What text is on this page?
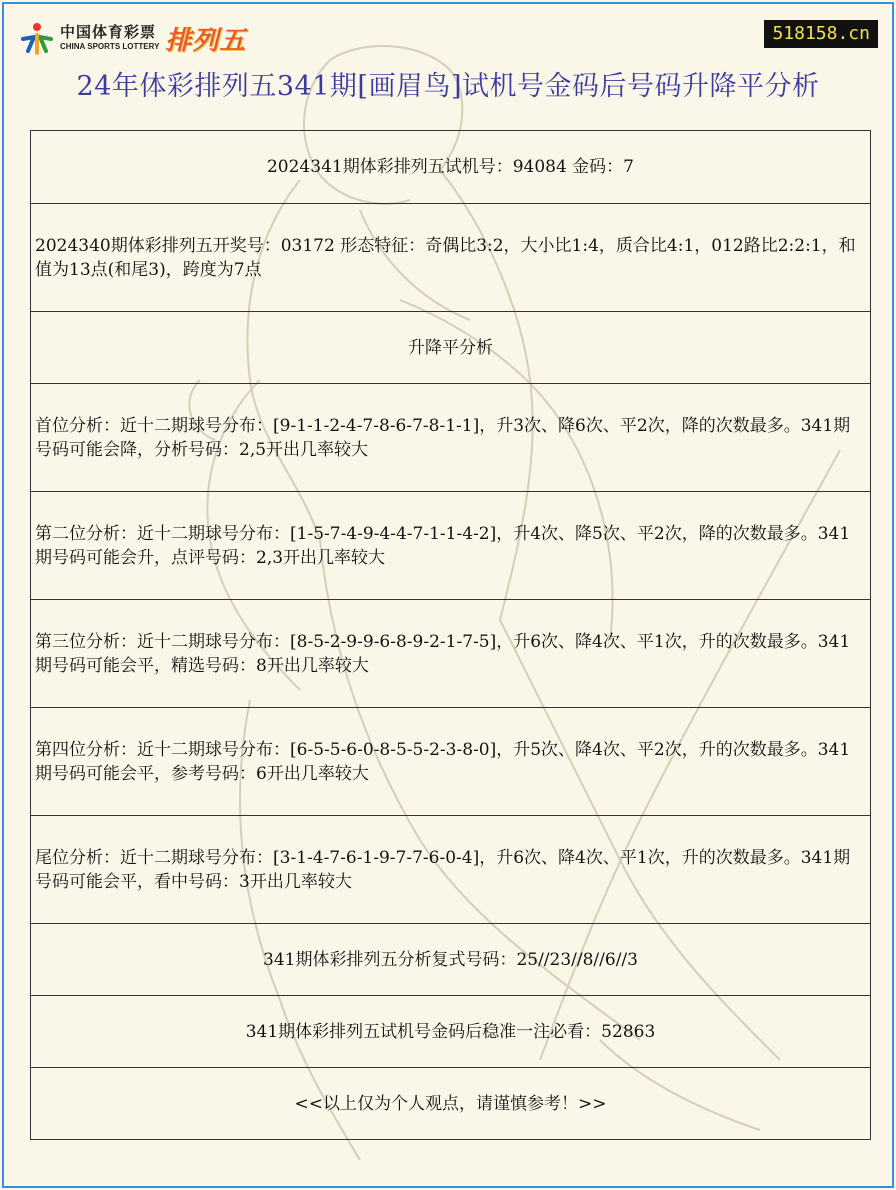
中国体育彩票
CHINA SPORTS LOTTERY 排列五	518158.cn
24年体彩排列五341期[画眉鸟]试机号金码后号码升降平分析
2024341期体彩排列五试机号：94084 金码：7
2024340期体彩排列五开奖号：03172 形态特征：奇偶比3:2，大小比1:4，质合比4:1，012路比2:2:1，和值为13点(和尾3)，跨度为7点
升降平分析
首位分析：近十二期球号分布：[9-1-1-2-4-7-8-6-7-8-1-1]，升3次、降6次、平2次，降的次数最多。341期号码可能会降，分析号码：2,5开出几率较大
第二位分析：近十二期球号分布：[1-5-7-4-9-4-4-7-1-1-4-2]，升4次、降5次、平2次，降的次数最多。341期号码可能会升，点评号码：2,3开出几率较大
第三位分析：近十二期球号分布：[8-5-2-9-9-6-8-9-2-1-7-5]，升6次、降4次、平1次，升的次数最多。341期号码可能会平，精选号码：8开出几率较大
第四位分析：近十二期球号分布：[6-5-5-6-0-8-5-5-2-3-8-0]，升5次、降4次、平2次，升的次数最多。341期号码可能会平，参考号码：6开出几率较大
尾位分析：近十二期球号分布：[3-1-4-7-6-1-9-7-7-6-0-4]，升6次、降4次、平1次，升的次数最多。341期号码可能会平，看中号码：3开出几率较大
341期体彩排列五分析复式号码：25//23//8//6//3
341期体彩排列五试机号金码后稳准一注必看：52863
<<以上仅为个人观点，请谨慎参考！>>
